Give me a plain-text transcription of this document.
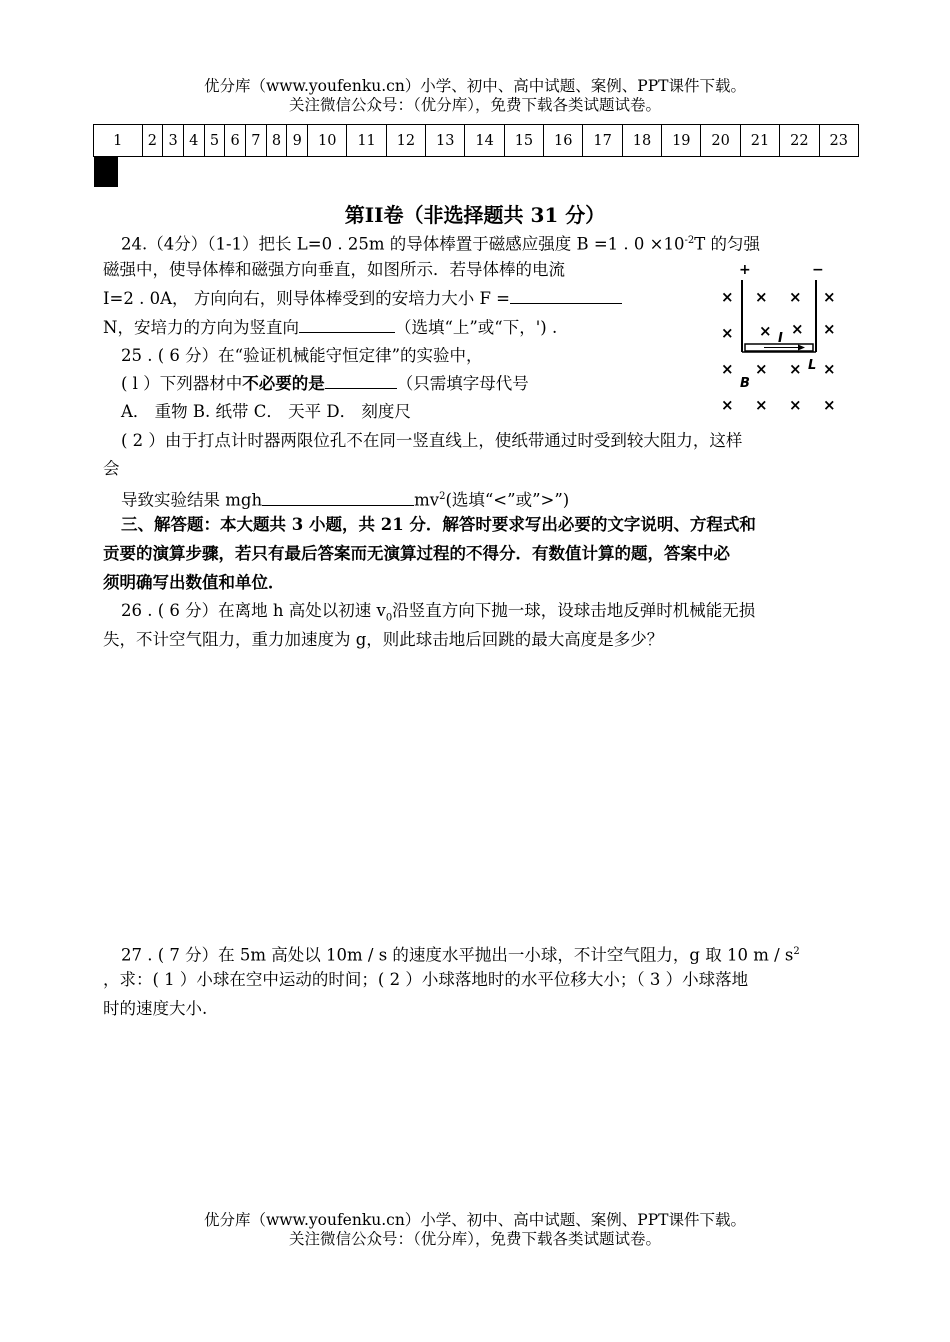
优分库（www.youfenku.cn）小学、初中、高中试题、案例、PPT课件下载。
关注微信公众号：（优分库），免费下载各类试题试卷。
1	2	3	4	5	6	7	8	9	10	11	12	13	14	15	16	17	18	19	20	21	22	23

第II卷（非选择题共 31 分）
24.（4分）（1-1）把长 L=0 . 25m 的导体棒置于磁感应强度 B =1 . $0 \times 10^{-2}T$ 的匀强
磁强中，使导体棒和磁强方向垂直，如图所示．若导体棒的电流
I=2 . 0A， 方向向右，则导体棒受到的安培力大小 F =
N，安培力的方向为竖直向	（选填“上”或“下，') .
25 . ( 6 分）在“验证机械能守恒定律”的实验中，
( l ）下列器材中不必要的是	（只需填字母代号
A． 重物 B. 纸带 C． 天平 D． 刻度尺
( 2 ）由于打点计时器两限位孔不在同一竖直线上，使纸带通过时受到较大阻力，这样
会
导致实验结果 mgh	$mv^2$(选填“<”或”>”)
三、解答题：本大题共 3 小题，共 21 分．解答时要求写出必要的文字说明、方程式和
贡要的演算步骤，若只有最后答案而无演算过程的不得分．有数值计算的题，答案中必
须明确写出数值和单位．
26 . ( 6 分）在离地 h 高处以初速 $v_0$沿竖直方向下抛一球，设球击地反弹时机械能无损
失，不计空气阻力，重力加速度为 g，则此球击地后回跳的最大高度是多少？
27 . ( 7 分）在 5m 高处以 10m / s 的速度水平抛出一小球，不计空气阻力，g 取 10 m / $s^2$
，求：( 1 ）小球在空中运动的时间；( 2 ）小球落地时的水平位移大小；（ 3 ）小球落地
时的速度大小.
+	−
I
L
B
× × × ×
× × × ×
× × × ×
× × × ×
优分库（www.youfenku.cn）小学、初中、高中试题、案例、PPT课件下载。
关注微信公众号：（优分库），免费下载各类试题试卷。
